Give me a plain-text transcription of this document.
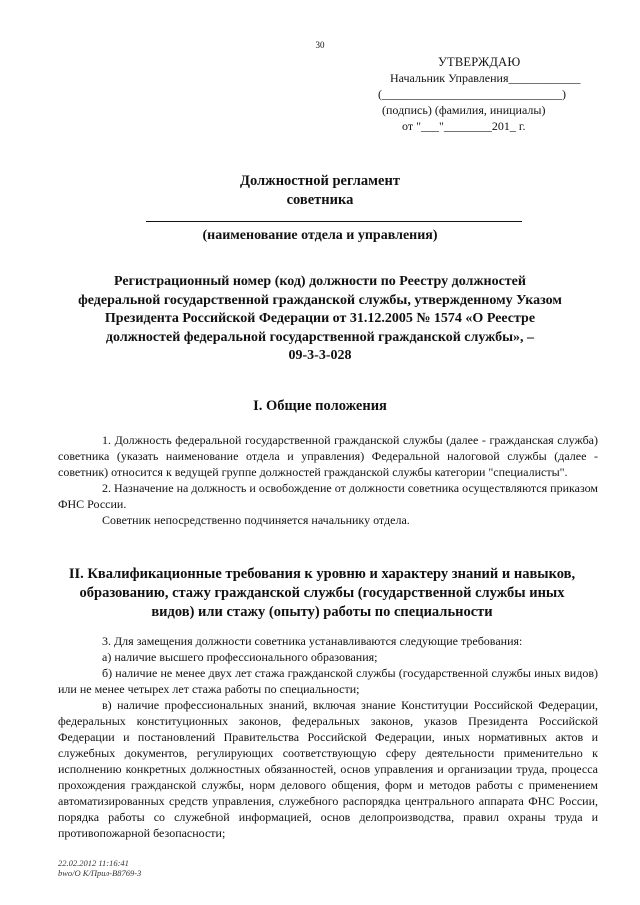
30
УТВЕРЖДАЮ
Начальник Управления____________
(______________________________)
(подпись) (фамилия, инициалы)
от "___"________201_ г.
Должностной регламент
советника
(наименование отдела и управления)
Регистрационный номер (код) должности по Реестру должностей
федеральной государственной гражданской службы, утвержденному Указом
Президента Российской Федерации от 31.12.2005 № 1574 «О Реестре
должностей федеральной государственной гражданской службы», –
09-3-3-028
I. Общие положения

1. Должность федеральной государственной гражданской службы (далее - гражданская служба) советника (указать наименование отдела и управления) Федеральной налоговой службы (далее - советник) относится к ведущей группе должностей гражданской службы категории "специалисты".

2. Назначение на должность и освобождение от должности советника осуществляются приказом ФНС России.

Советник непосредственно подчиняется начальнику отдела.

II. Квалификационные требования к уровню и характеру знаний и навыков,
образованию, стажу гражданской службы (государственной службы иных
видов) или стажу (опыту) работы по специальности

3. Для замещения должности советника устанавливаются следующие требования:

а) наличие высшего профессионального образования;

б) наличие не менее двух лет стажа гражданской службы (государственной службы иных видов) или не менее четырех лет стажа работы по специальности;

в) наличие профессиональных знаний, включая знание Конституции Российской Федерации, федеральных конституционных законов, федеральных законов, указов Президента Российской Федерации и постановлений Правительства Российской Федерации, иных нормативных актов и служебных документов, регулирующих соответствующую сферу деятельности применительно к исполнению конкретных должностных обязанностей, основ управления и организации труда, процесса прохождения гражданской службы, норм делового общения, форм и методов работы с применением автоматизированных средств управления, служебного распорядка центрального аппарата ФНС России, порядка работы со служебной информацией, основ делопроизводства, правил охраны труда и противопожарной безопасности;

22.02.2012 11:16:41
bwo/O K/Прил-B8769-3
